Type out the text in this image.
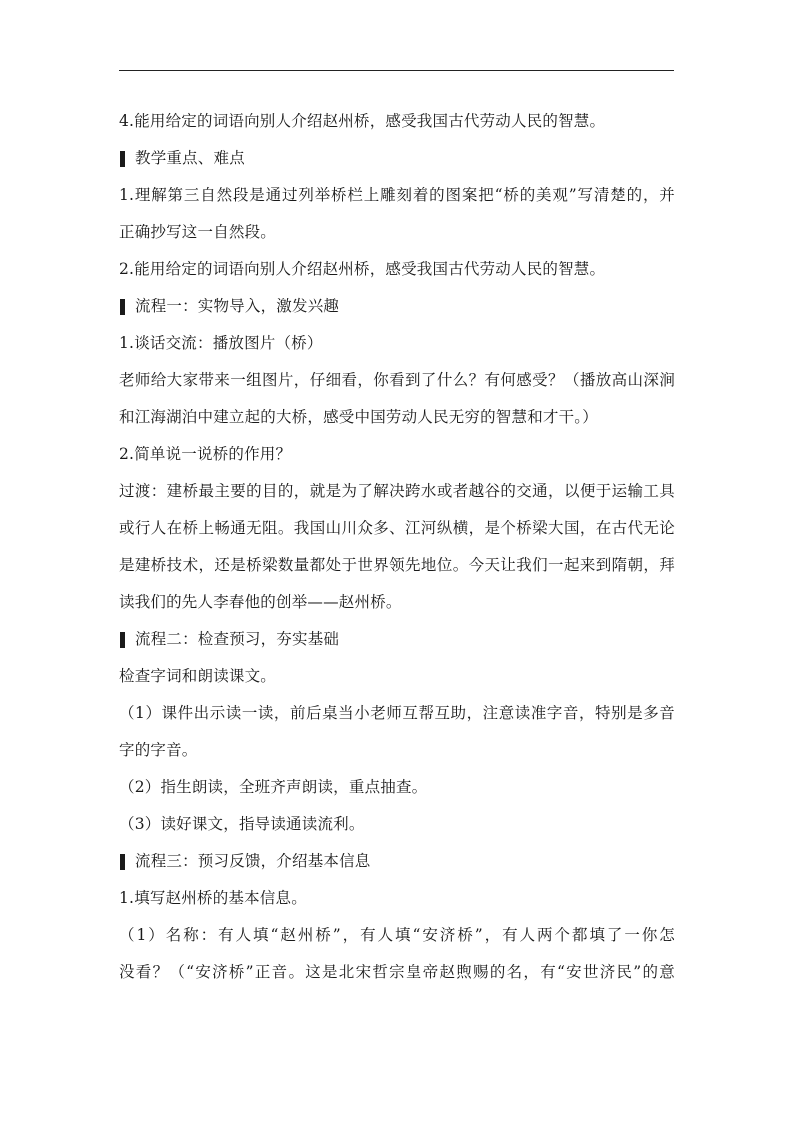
4.能用给定的词语向别人介绍赵州桥，感受我国古代劳动人民的智慧。
教学重点、难点
1.理解第三自然段是通过列举桥栏上雕刻着的图案把“桥的美观”写清楚的，并
正确抄写这一自然段。
2.能用给定的词语向别人介绍赵州桥，感受我国古代劳动人民的智慧。
流程一：实物导入，激发兴趣
1.谈话交流：播放图片（桥）
老师给大家带来一组图片，仔细看，你看到了什么？有何感受？（播放高山深涧
和江海湖泊中建立起的大桥，感受中国劳动人民无穷的智慧和才干。）
2.简单说一说桥的作用？
过渡：建桥最主要的目的，就是为了解决跨水或者越谷的交通，以便于运输工具
或行人在桥上畅通无阻。我国山川众多、江河纵横，是个桥梁大国，在古代无论
是建桥技术，还是桥梁数量都处于世界领先地位。今天让我们一起来到隋朝，拜
读我们的先人李春他的创举——赵州桥。
流程二：检查预习，夯实基础
检查字词和朗读课文。
（1）课件出示读一读，前后桌当小老师互帮互助，注意读准字音，特别是多音
字的字音。
（2）指生朗读，全班齐声朗读，重点抽查。
（3）读好课文，指导读通读流利。
流程三：预习反馈，介绍基本信息
1.填写赵州桥的基本信息。
（1）名称：有人填“赵州桥”，有人填“安济桥”，有人两个都填了一你怎
没看？（“安济桥”正音。这是北宋哲宗皇帝赵煦赐的名，有“安世济民”的意
